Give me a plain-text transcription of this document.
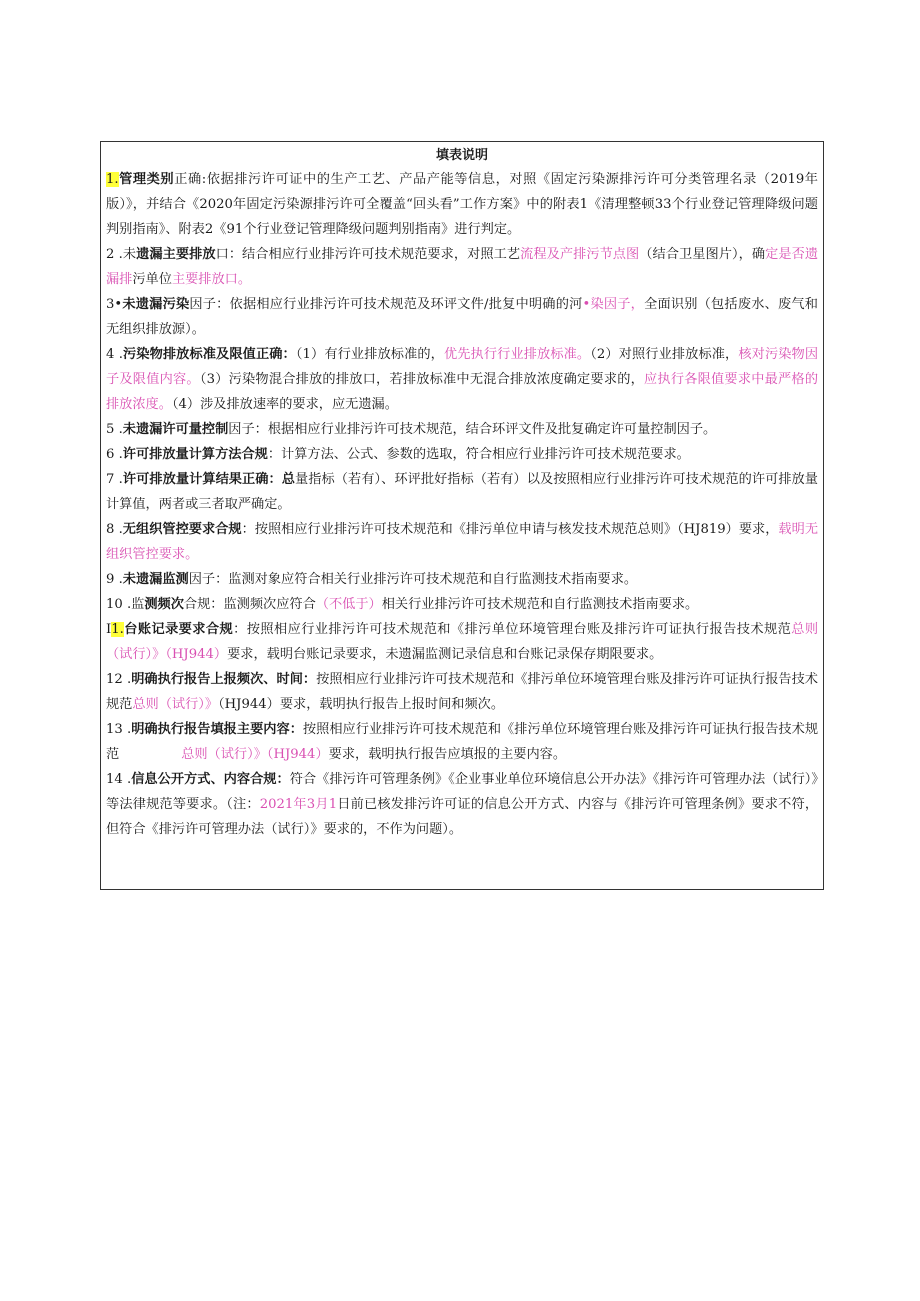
填表说明

1.管理类别正确:依据排污许可证中的生产工艺、产品产能等信息，对照《固定污染源排污许可分类管理名录（2019年版）》，并结合《2020年固定污染源排污许可全覆盖“回头看”工作方案》中的附表1《清理整顿33个行业登记管理降级问题判别指南》、附表2《91个行业登记管理降级问题判别指南》进行判定。

2 .未遗漏主要排放口：结合相应行业排污许可技术规范要求，对照工艺流程及产排污节点图（结合卫星图片），确定是否遗漏排污单位主要排放口。

3•未遗漏污染因子：依据相应行业排污许可技术规范及环评文件/批复中明确的河•染因子，全面识别（包括废水、废气和无组织排放源）。

4 .污染物排放标准及限值正确：（1）有行业排放标准的，优先执行行业排放标准。（2）对照行业排放标准，核对污染物因子及限值内容。（3）污染物混合排放的排放口，若排放标准中无混合排放浓度确定要求的，应执行各限值要求中最严格的排放浓度。（4）涉及排放速率的要求，应无遗漏。

5 .未遗漏许可量控制因子：根据相应行业排污许可技术规范，结合环评文件及批复确定许可量控制因子。

6 .许可排放量计算方法合规：计算方法、公式、参数的选取，符合相应行业排污许可技术规范要求。

7 .许可排放量计算结果正确：总量指标（若有）、环评批好指标（若有）以及按照相应行业排污许可技术规范的许可排放量计算值，两者或三者取严确定。

8 .无组织管控要求合规：按照相应行业排污许可技术规范和《排污单位申请与核发技术规范总则》（HJ819）要求，载明无组织管控要求。

9 .未遗漏监测因子：监测对象应符合相关行业排污许可技术规范和自行监测技术指南要求。

10 .监测频次合规：监测频次应符合（不低于）相关行业排污许可技术规范和自行监测技术指南要求。

I1.台账记录要求合规：按照相应行业排污许可技术规范和《排污单位环境管理台账及排污许可证执行报告技术规范总则（试行）》（HJ944）要求，载明台账记录要求，未遗漏监测记录信息和台账记录保存期限要求。

12 .明确执行报告上报频次、时间：按照相应行业排污许可技术规范和《排污单位环境管理台账及排污许可证执行报告技术规范总则（试行）》（HJ944）要求，载明执行报告上报时间和频次。

13 .明确执行报告填报主要内容：按照相应行业排污许可技术规范和《排污单位环境管理台账及排污许可证执行报告技术规范	总则（试行）》（HJ944）要求，载明执行报告应填报的主要内容。

14 .信息公开方式、内容合规：符合《排污许可管理条例》《企业事业单位环境信息公开办法》《排污许可管理办法（试行）》等法律规范等要求。（注：2021年3月1日前已核发排污许可证的信息公开方式、内容与《排污许可管理条例》要求不符，但符合《排污许可管理办法（试行）》要求的，不作为问题）。
